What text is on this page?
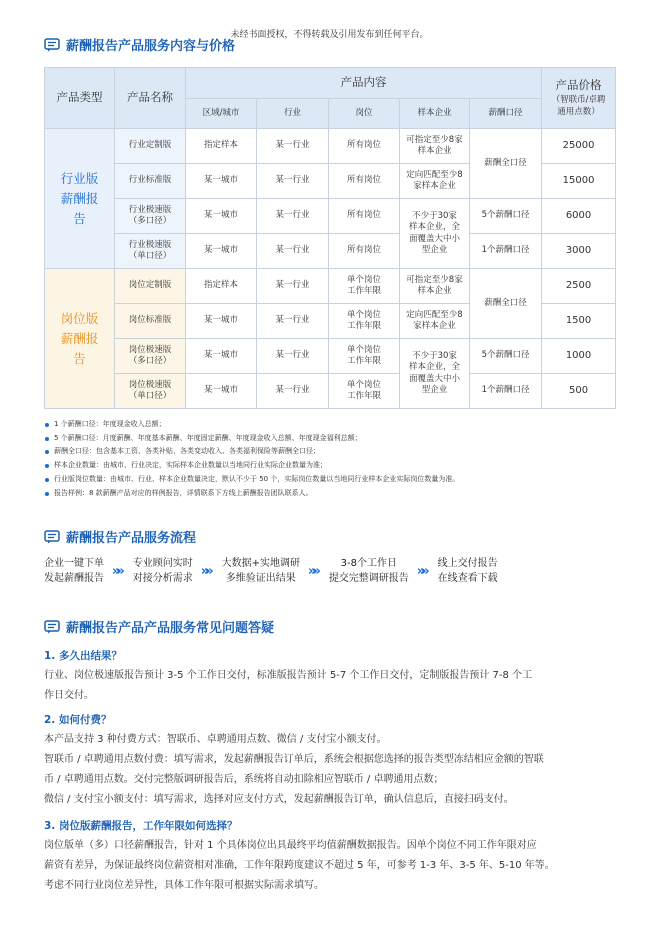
未经书面授权，不得转载及引用发布到任何平台。
薪酬报告产品服务内容与价格
产品类型	产品名称	产品内容					产品价格
（智联币/卓聘通用点数）

		区域/城市	行业	岗位	样本企业	薪酬口径	

行业版薪酬报告	行业定制版	指定样本	某一行业	所有岗位	可指定至少8家样本企业	薪酬全口径	25000
	行业标准版	某一城市	某一行业	所有岗位	定向匹配至少8家样本企业		15000

	行业极速版（多口径）	某一城市	某一行业	所有岗位	不少于30家样本企业，全面覆盖大中小型企业	5个薪酬口径	6000

	行业极速版（单口径）	某一城市	某一行业	所有岗位		1个薪酬口径	3000

岗位版薪酬报告	岗位定制版	指定样本	某一行业	单个岗位工作年限	可指定至少8家样本企业	薪酬全口径	2500
	岗位标准版	某一城市	某一行业	单个岗位工作年限	定向匹配至少8家样本企业		1500

	岗位极速版（多口径）	某一城市	某一行业	单个岗位工作年限	不少于30家样本企业，全面覆盖大中小型企业	5个薪酬口径	1000

	岗位极速版（单口径）	某一城市	某一行业	单个岗位工作年限		1个薪酬口径	500
1 个薪酬口径：年度现金收入总额；
5 个薪酬口径：月度薪酬、年度基本薪酬、年度固定薪酬、年度现金收入总额、年度现金福利总额；
薪酬全口径：包含基本工资、各类补贴、各类变动收入、各类福利保险等薪酬全口径；
样本企业数量：由城市、行业决定，实际样本企业数量以当地同行业实际企业数量为准；
行业版岗位数量：由城市、行业、样本企业数量决定，默认不少于 50 个，实际岗位数量以当地同行业样本企业实际岗位数量为准。
报告样例：8 款薪酬产品对应的样例报告，详情联系下方线上薪酬报告团队联系人。
薪酬报告产品服务流程
企业一键下单
发起薪酬报告 »» 专业顾问实时
对接分析需求 »» 大数据+实地调研
多维验证出结果 »»	3-8个工作日
提交完整调研报告 »» 线上交付报告
在线查看下载
薪酬报告产品产品服务常见问题答疑
1. 多久出结果？
行业、岗位极速版报告预计 3-5 个工作日交付，标准版报告预计 5-7 个工作日交付，定制版报告预计 7-8 个工
作日交付。
2. 如何付费？
本产品支持 3 种付费方式：智联币、卓聘通用点数、微信 / 支付宝小额支付。
智联币 / 卓聘通用点数付费：填写需求，发起薪酬报告订单后，系统会根据您选择的报告类型冻结相应金额的智联
币 / 卓聘通用点数。交付完整版调研报告后，系统将自动扣除相应智联币 / 卓聘通用点数；
微信 / 支付宝小额支付：填写需求，选择对应支付方式，发起薪酬报告订单，确认信息后，直接扫码支付。
3. 岗位版薪酬报告，工作年限如何选择？
岗位版单（多）口径薪酬报告，针对 1 个具体岗位出具最终平均值薪酬数据报告。因单个岗位不同工作年限对应
薪资有差异，为保证最终岗位薪资相对准确，工作年限跨度建议不超过 5 年，可参考 1-3 年、3-5 年、5-10 年等。
考虑不同行业岗位差异性，具体工作年限可根据实际需求填写。
